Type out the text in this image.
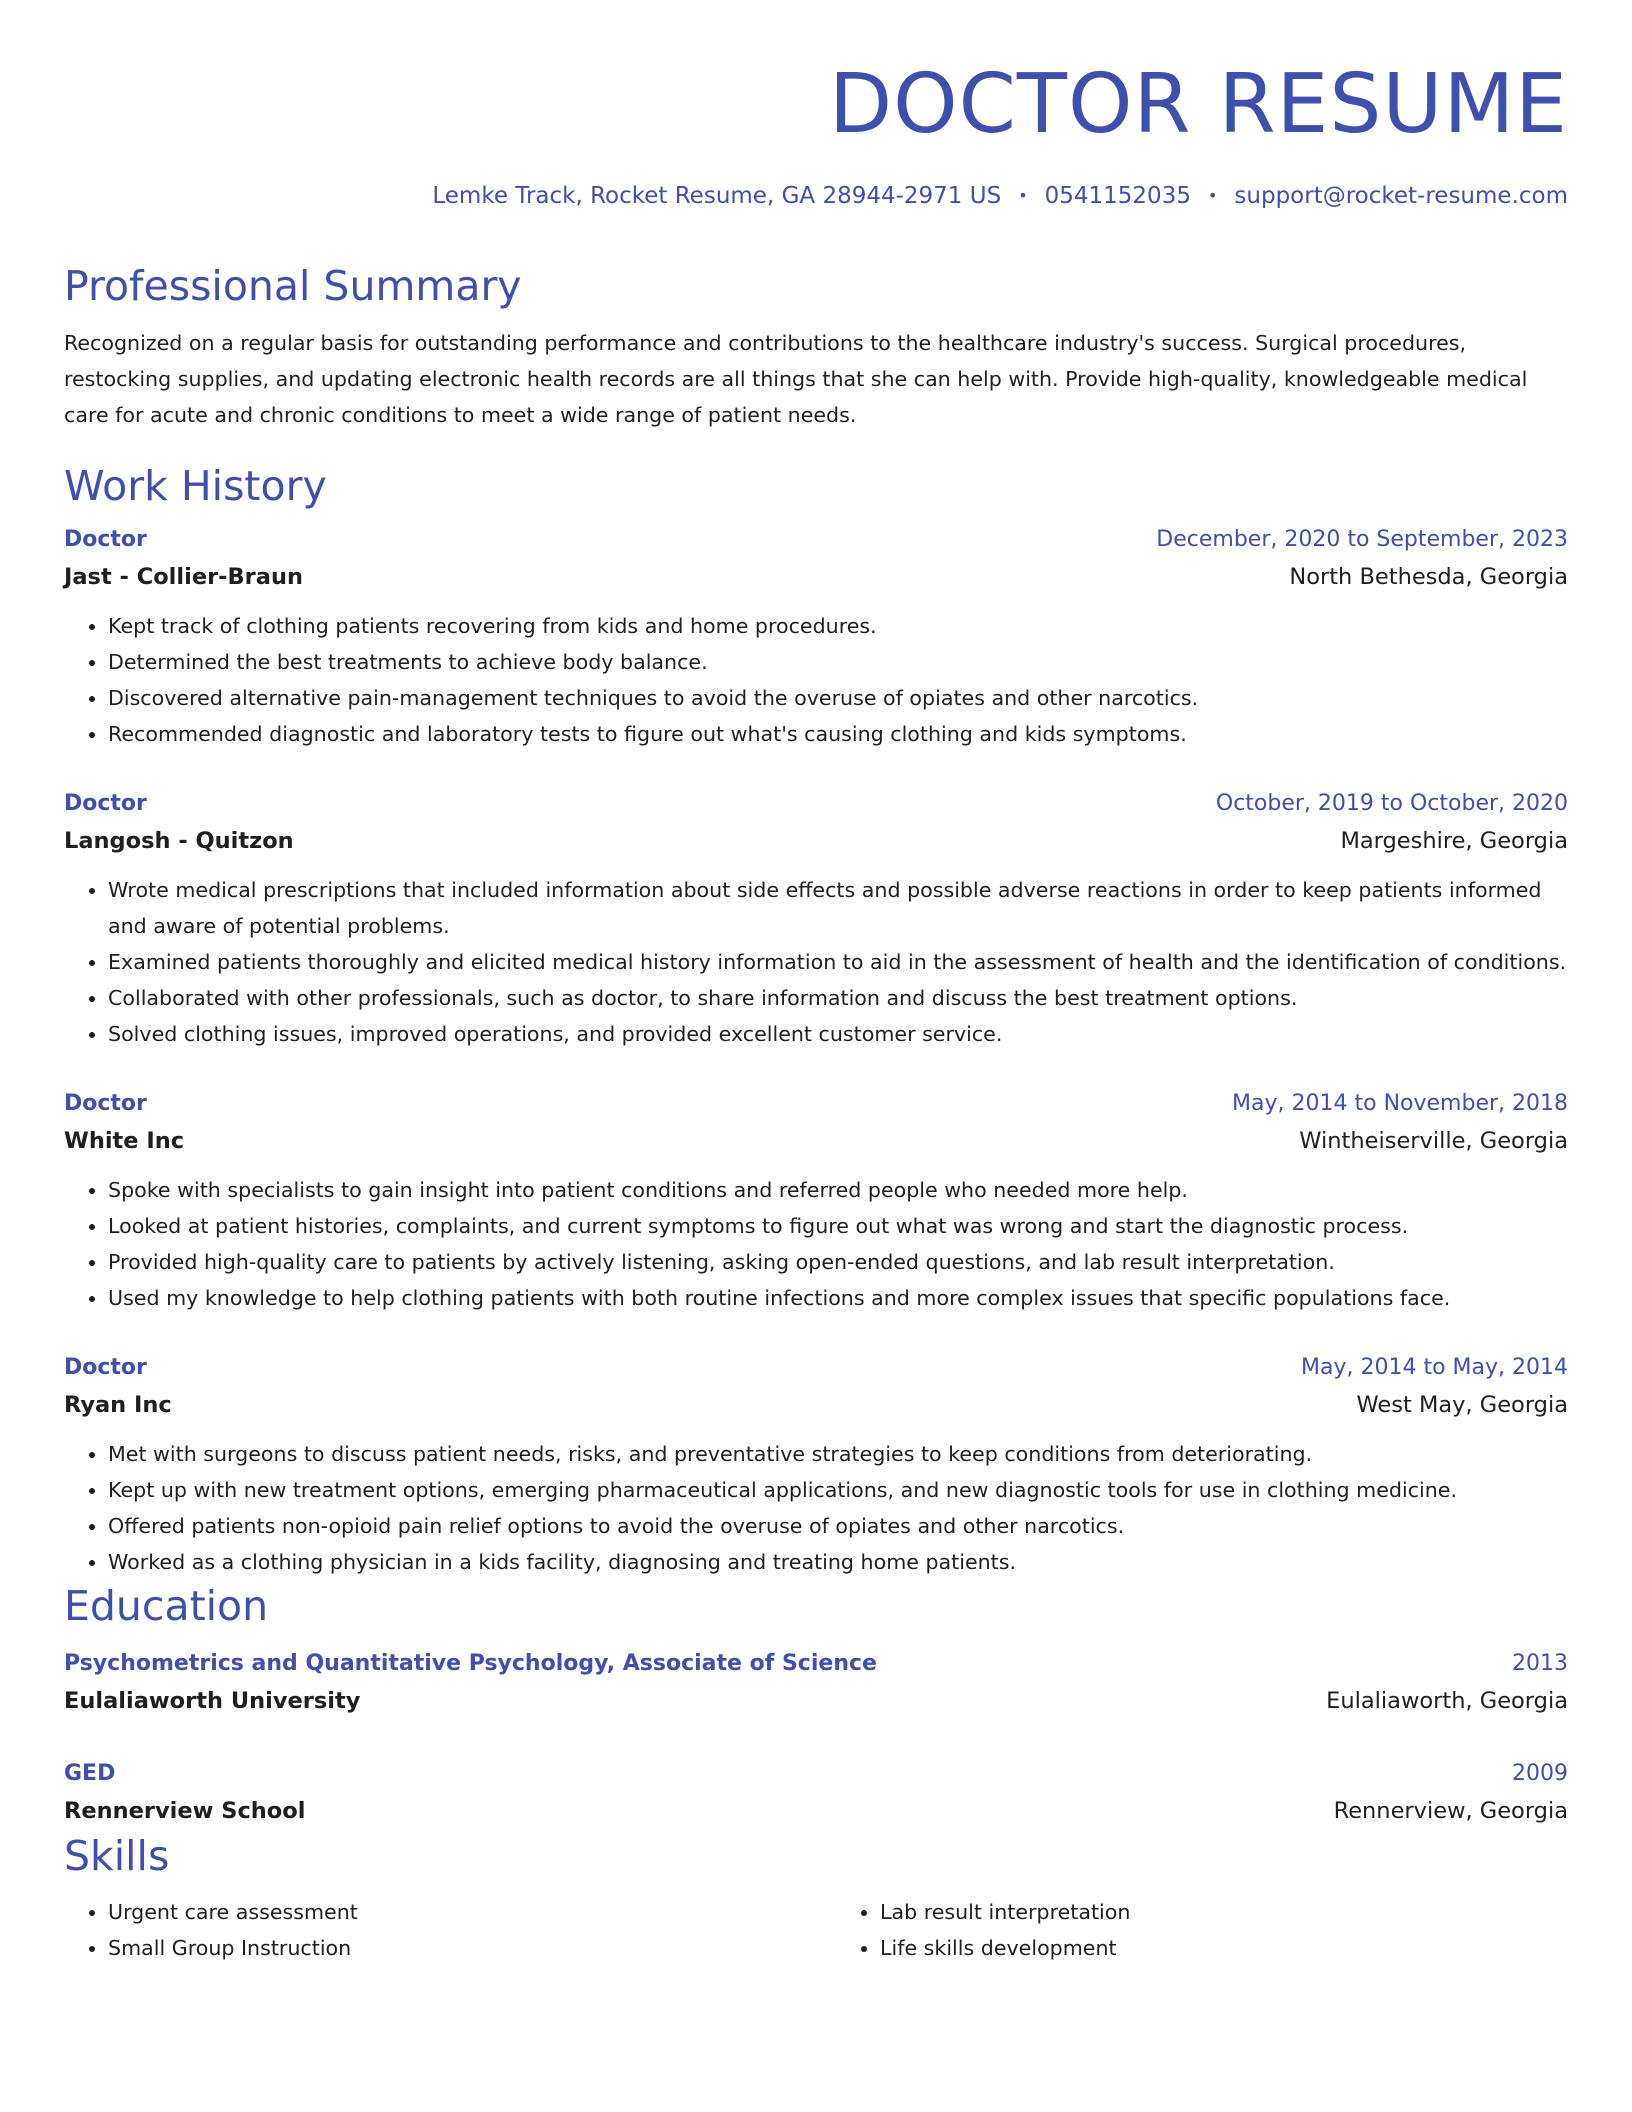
DOCTOR RESUME
Lemke Track, Rocket Resume, GA 28944-2971 US • 0541152035 • support@rocket-resume.com
Professional Summary

Recognized on a regular basis for outstanding performance and contributions to the healthcare industry's success. Surgical procedures, restocking supplies, and updating electronic health records are all things that she can help with. Provide high-quality, knowledgeable medical care for acute and chronic conditions to meet a wide range of patient needs.

Work History
Doctor	December, 2020 to September, 2023
Jast - Collier-Braun	North Bethesda, Georgia
• Kept track of clothing patients recovering from kids and home procedures.
• Determined the best treatments to achieve body balance.
• Discovered alternative pain-management techniques to avoid the overuse of opiates and other narcotics.
• Recommended diagnostic and laboratory tests to figure out what's causing clothing and kids symptoms.
Doctor	October, 2019 to October, 2020
Langosh - Quitzon	Margeshire, Georgia
• Wrote medical prescriptions that included information about side effects and possible adverse reactions in order to keep patients informed and aware of potential problems.
• Examined patients thoroughly and elicited medical history information to aid in the assessment of health and the identification of conditions.
• Collaborated with other professionals, such as doctor, to share information and discuss the best treatment options.
• Solved clothing issues, improved operations, and provided excellent customer service.
Doctor	May, 2014 to November, 2018
White Inc	Wintheiserville, Georgia
• Spoke with specialists to gain insight into patient conditions and referred people who needed more help.
• Looked at patient histories, complaints, and current symptoms to figure out what was wrong and start the diagnostic process.
• Provided high-quality care to patients by actively listening, asking open-ended questions, and lab result interpretation.
• Used my knowledge to help clothing patients with both routine infections and more complex issues that specific populations face.
Doctor	May, 2014 to May, 2014
Ryan Inc	West May, Georgia
• Met with surgeons to discuss patient needs, risks, and preventative strategies to keep conditions from deteriorating.
• Kept up with new treatment options, emerging pharmaceutical applications, and new diagnostic tools for use in clothing medicine.
• Offered patients non-opioid pain relief options to avoid the overuse of opiates and other narcotics.
• Worked as a clothing physician in a kids facility, diagnosing and treating home patients.
Education
Psychometrics and Quantitative Psychology, Associate of Science	2013
Eulaliaworth University	Eulaliaworth, Georgia
GED	2009
Rennerview School	Rennerview, Georgia
Skills
• Urgent care assessment
• Small Group Instruction
• Lab result interpretation
• Life skills development
